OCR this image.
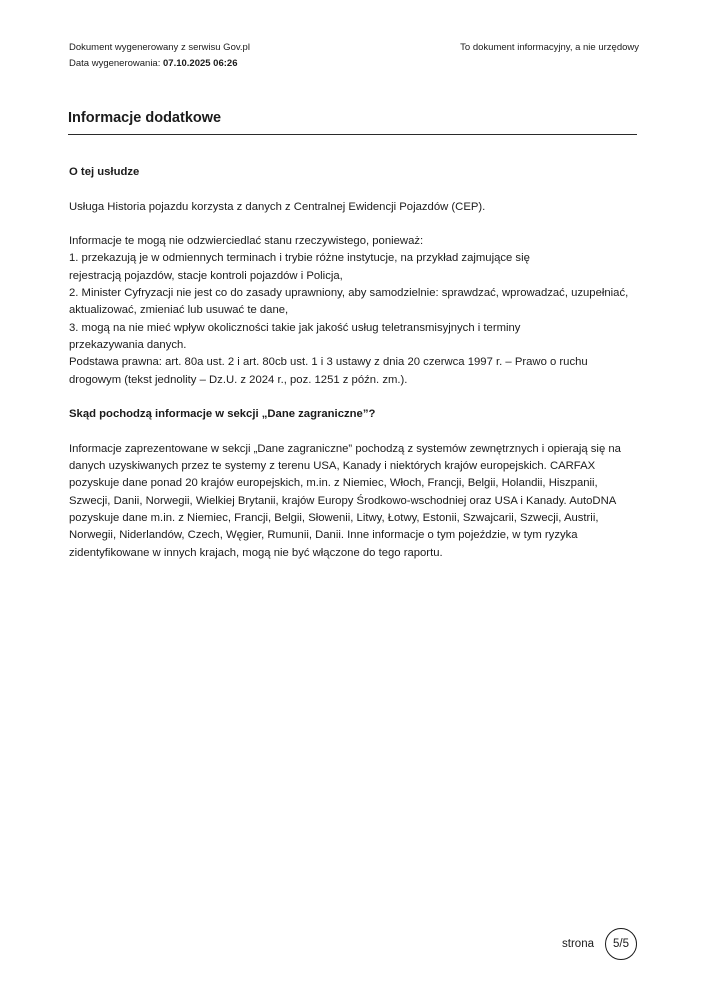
Dokument wygenerowany z serwisu Gov.pl
Data wygenerowania: 07.10.2025 06:26
To dokument informacyjny, a nie urzędowy
Informacje dodatkowe

O tej usłudze

Usługa Historia pojazdu korzysta z danych z Centralnej Ewidencji Pojazdów (CEP).

Informacje te mogą nie odzwierciedlać stanu rzeczywistego, ponieważ:

1. przekazują je w odmiennych terminach i trybie różne instytucje, na przykład zajmujące się

rejestracją pojazdów, stacje kontroli pojazdów i Policja,

2. Minister Cyfryzacji nie jest co do zasady uprawniony, aby samodzielnie: sprawdzać, wprowadzać, uzupełniać,

aktualizować, zmieniać lub usuwać te dane,

3. mogą na nie mieć wpływ okoliczności takie jak jakość usług teletransmisyjnych i terminy

przekazywania danych.

Podstawa prawna: art. 80a ust. 2 i art. 80cb ust. 1 i 3 ustawy z dnia 20 czerwca 1997 r. – Prawo o ruchu

drogowym (tekst jednolity – Dz.U. z 2024 r., poz. 1251 z późn. zm.).

Skąd pochodzą informacje w sekcji „Dane zagraniczne”?

Informacje zaprezentowane w sekcji „Dane zagraniczne” pochodzą z systemów zewnętrznych i opierają się na

danych uzyskiwanych przez te systemy z terenu USA, Kanady i niektórych krajów europejskich. CARFAX

pozyskuje dane ponad 20 krajów europejskich, m.in. z Niemiec, Włoch, Francji, Belgii, Holandii, Hiszpanii,

Szwecji, Danii, Norwegii, Wielkiej Brytanii, krajów Europy Środkowo-wschodniej oraz USA i Kanady. AutoDNA

pozyskuje dane m.in. z Niemiec, Francji, Belgii, Słowenii, Litwy, Łotwy, Estonii, Szwajcarii, Szwecji, Austrii,

Norwegii, Niderlandów, Czech, Węgier, Rumunii, Danii. Inne informacje o tym pojeździe, w tym ryzyka

zidentyfikowane w innych krajach, mogą nie być włączone do tego raportu.

strona	5/5
